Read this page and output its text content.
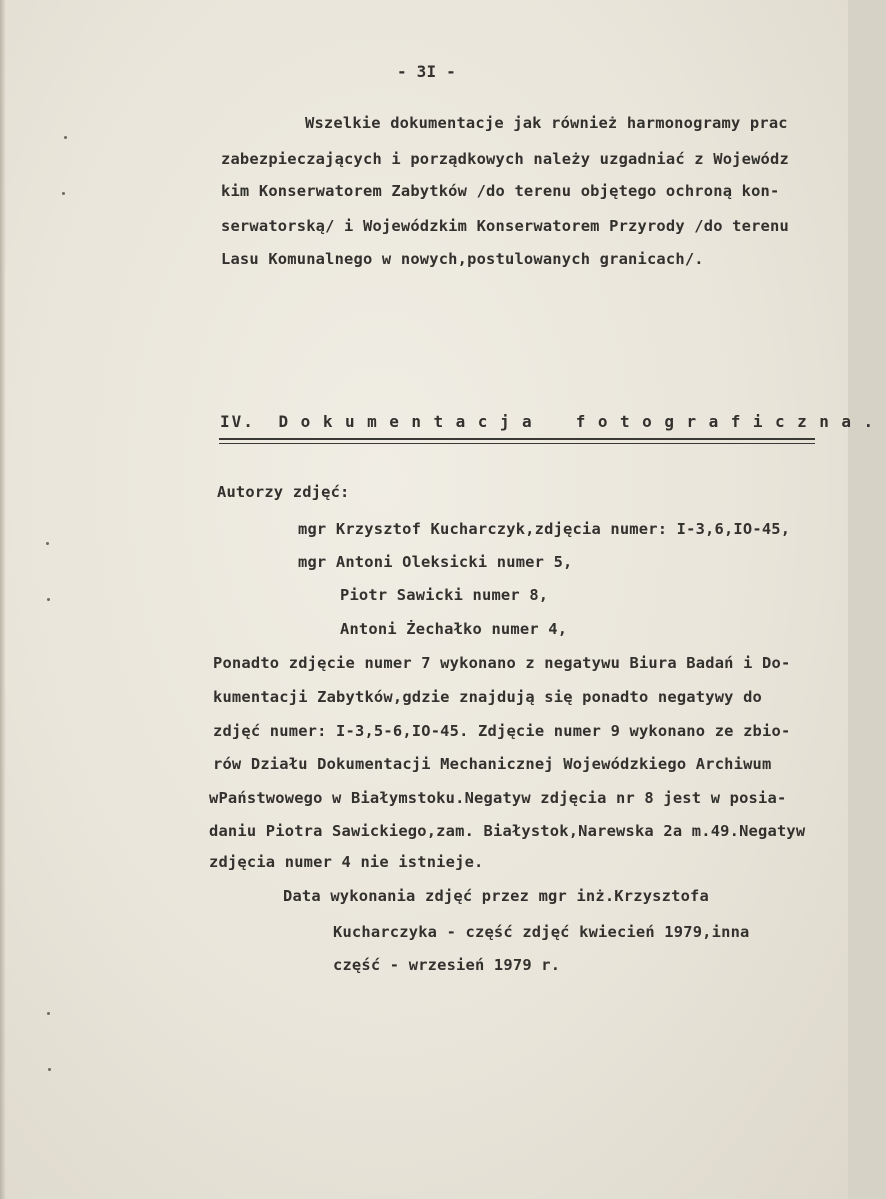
- 3I -
Wszelkie dokumentacje jak również harmonogramy prac
zabezpieczających i porządkowych należy uzgadniać z Wojewódz
kim Konserwatorem Zabytków /do terenu objętego ochroną kon-
serwatorską/ i Wojewódzkim Konserwatorem Przyrody /do terenu
Lasu Komunalnego w nowych,postulowanych granicach/.
IV. Dokumentacja fotograficzna.
Autorzy zdjęć:
mgr Krzysztof Kucharczyk,zdjęcia numer: I-3,6,IO-45,
mgr Antoni Oleksicki numer 5,
Piotr Sawicki numer 8,
Antoni Żechałko numer 4,
Ponadto zdjęcie numer 7 wykonano z negatywu Biura Badań i Do-
kumentacji Zabytków,gdzie znajdują się ponadto negatywy do
zdjęć numer: I-3,5-6,IO-45. Zdjęcie numer 9 wykonano ze zbio-
rów Działu Dokumentacji Mechanicznej Wojewódzkiego Archiwum
wPaństwowego w Białymstoku.Negatyw zdjęcia nr 8 jest w posia-
daniu Piotra Sawickiego,zam. Białystok,Narewska 2a m.49.Negatyw
zdjęcia numer 4 nie istnieje.
Data wykonania zdjęć przez mgr inż.Krzysztofa
Kucharczyka - część zdjęć kwiecień 1979,inna
część - wrzesień 1979 r.
